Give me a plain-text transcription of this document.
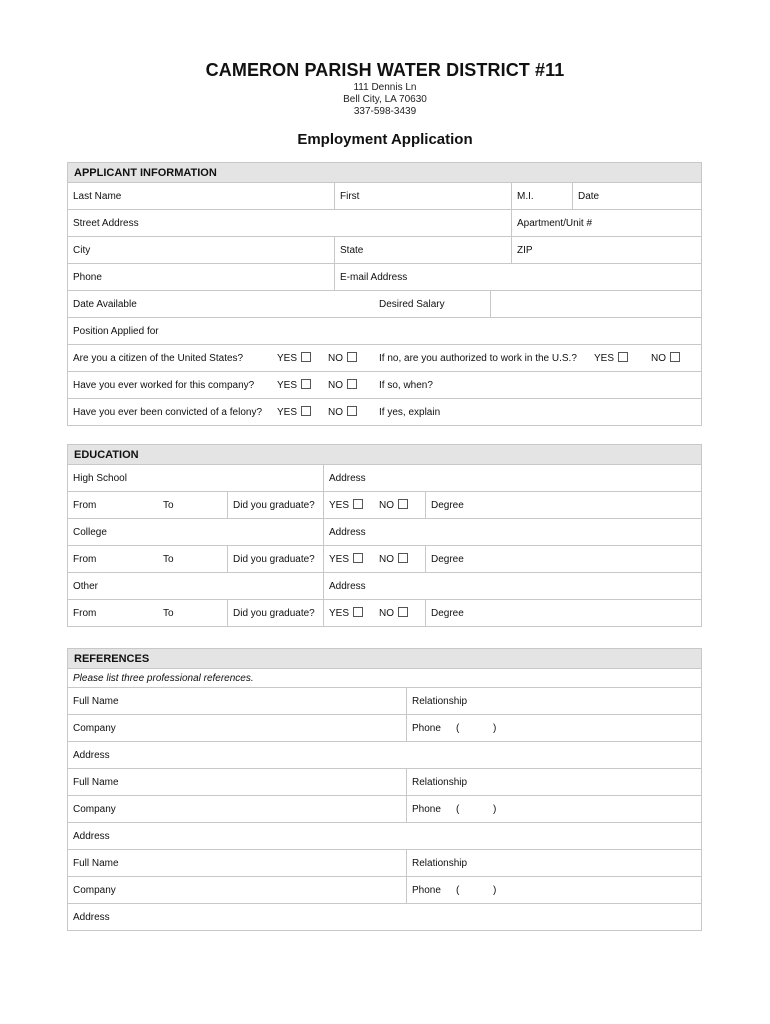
CAMERON PARISH WATER DISTRICT #11
111 Dennis Ln
Bell City, LA 70630
337-598-3439
Employment Application
APPLICANT INFORMATION
Last Name	First	M.I.	Date
Street Address	Apartment/Unit #
City	State	ZIP
Phone	E-mail Address
Date Available	Desired Salary
Position Applied for
Are you a citizen of the United States?	YES	NO	If no, are you authorized to work in the U.S.? YES	NO
Have you ever worked for this company? YES	NO	If so, when?
Have you ever been convicted of a felony? YES	NO	If yes, explain
EDUCATION
High School	Address
From	To	Did you graduate?	YES	NO	Degree
College	Address
From	To	Did you graduate?	YES	NO	Degree
Other	Address
From	To	Did you graduate?	YES	NO	Degree
REFERENCES
Please list three professional references.
Full Name	Relationship
Company	Phone (	)
Address
Full Name	Relationship
Company	Phone (	)
Address
Full Name	Relationship
Company	Phone (	)
Address
